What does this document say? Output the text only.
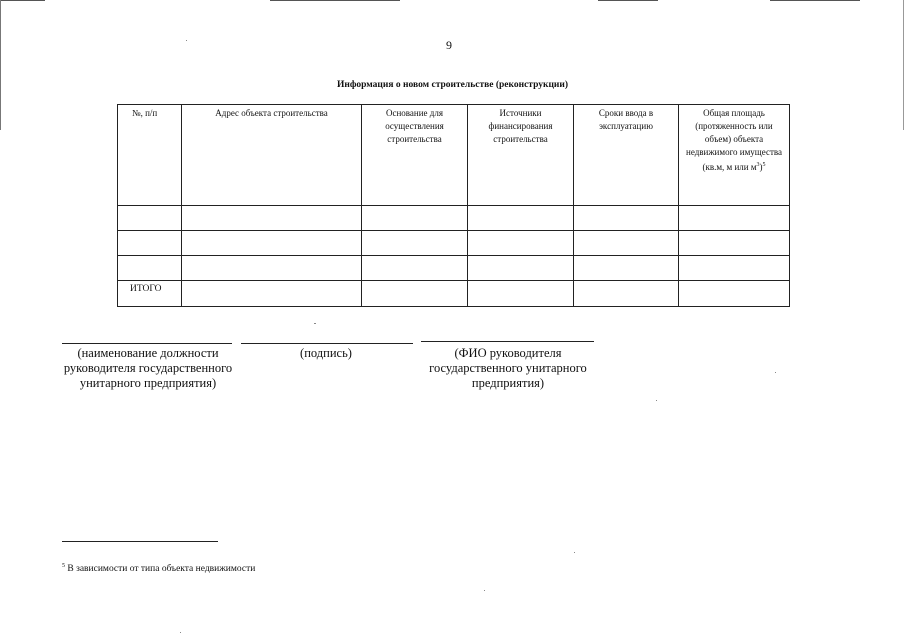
9
Информация о новом строительстве (реконструкции)
№, п/п	Адрес объекта строительства	Основание для осуществления строительства	Источники финансирования строительства	Сроки ввода в эксплуатацию	Общая площадь (протяженность или объем) объекта недвижимого имущества (кв.м, м или $м^3)^5$

ИТОГО					
(наименование должности руководителя государственного унитарного предприятия)
(подпись)	(ФИО руководителя государственного унитарного предприятия)
$^5$ В зависимости от типа объекта недвижимости
